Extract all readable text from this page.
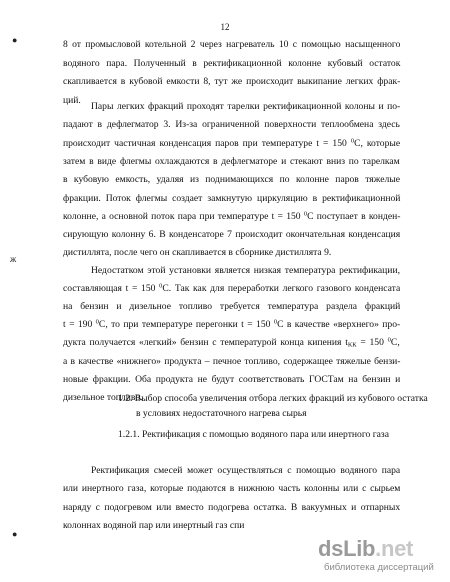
12
8 от промысловой котельной 2 через нагреватель 10 с помощью насыщенного
водяного пара. Полученный в ректификационной колонне кубовый остаток
скапливается в кубовой емкости 8, тут же происходит выкипание легких фрак-
ций.
Пары легких фракций проходят тарелки ректификационной колоны и по-
падают в дефлегматор 3. Из-за ограниченной поверхности теплообмена здесь
происходит частичная конденсация паров при температуре t = 150 $^0$C, которые
затем в виде флегмы охлаждаются в дефлегматоре и стекают вниз по тарелкам
в кубовую емкость, удаляя из поднимающихся по колонне паров тяжелые
фракции. Поток флегмы создает замкнутую циркуляцию в ректификационной
колонне, а основной поток пара при температуре t = 150 $^0$C поступает в конден-
сирующую колонну 6. В конденсаторе 7 происходит окончательная конденсация
дистиллята, после чего он скапливается в сборнике дистиллята 9.
Недостатком этой установки является низкая температура ректификации,
составляющая t = 150 $^0$C. Так как для переработки легкого газового конденсата
на бензин и дизельное топливо требуется температура раздела фракций
t = 190 $^0$C, то при температуре перегонки t = 150 $^0$C в качестве «верхнего» про-
дукта получается «легкий» бензин с температурой конца кипения $t_{КК} = 150$ $^0$C,
а в качестве «нижнего» продукта – печное топливо, содержащее тяжелые бензи-
новые фракции. Оба продукта не будут соответствовать ГОСТам на бензин и
дизельное топливо.
1.2. Выбор способа увеличения отбора легких фракций из кубового остатка
в условиях недостаточного нагрева сырья
1.2.1. Ректификация с помощью водяного пара или инертного газа
Ректификация смесей может осуществляться с помощью водяного пара
или инертного газа, которые подаются в нижнюю часть колонны или с сырьем
наряду с подогревом или вместо подогрева остатка. В вакуумных и отпарных
колоннах водяной пар или инертный газ спи
●
ж
●
dsLib.net
библиотека диссертаций
